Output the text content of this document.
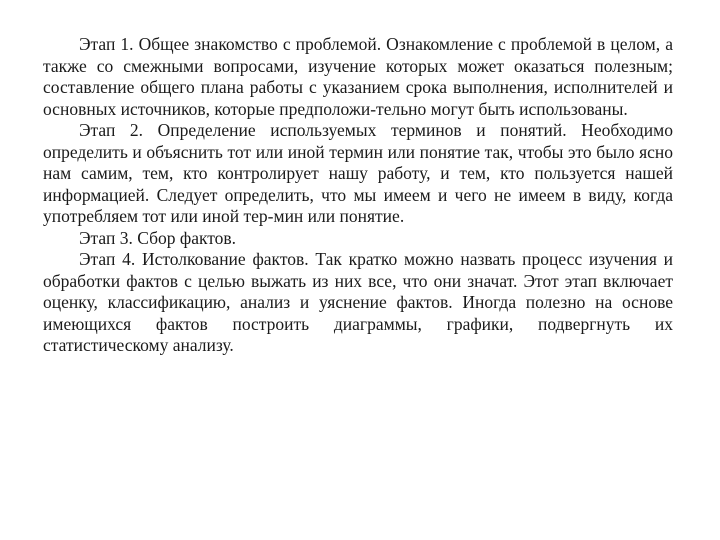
Этап 1. Общее знакомство с проблемой. Ознакомление с проблемой в целом, а также со смежными вопросами, изучение которых может оказаться полезным; составление общего плана работы с указанием срока выполнения, исполнителей и основных источников, которые предположи-тельно могут быть использованы.

Этап 2. Определение используемых терминов и понятий. Необходимо определить и объяснить тот или иной термин или понятие так, чтобы это было ясно нам самим, тем, кто контролирует нашу работу, и тем, кто пользуется нашей информацией. Следует определить, что мы имеем и чего не имеем в виду, когда употребляем тот или иной тер-мин или понятие.

Этап 3. Сбор фактов.

Этап 4. Истолкование фактов. Так кратко можно назвать процесс изучения и обработки фактов с целью выжать из них все, что они значат. Этот этап включает оценку, классификацию, анализ и уяснение фактов. Иногда полезно на основе имеющихся фактов построить диаграммы, графики, подвергнуть их статистическому анализу.
